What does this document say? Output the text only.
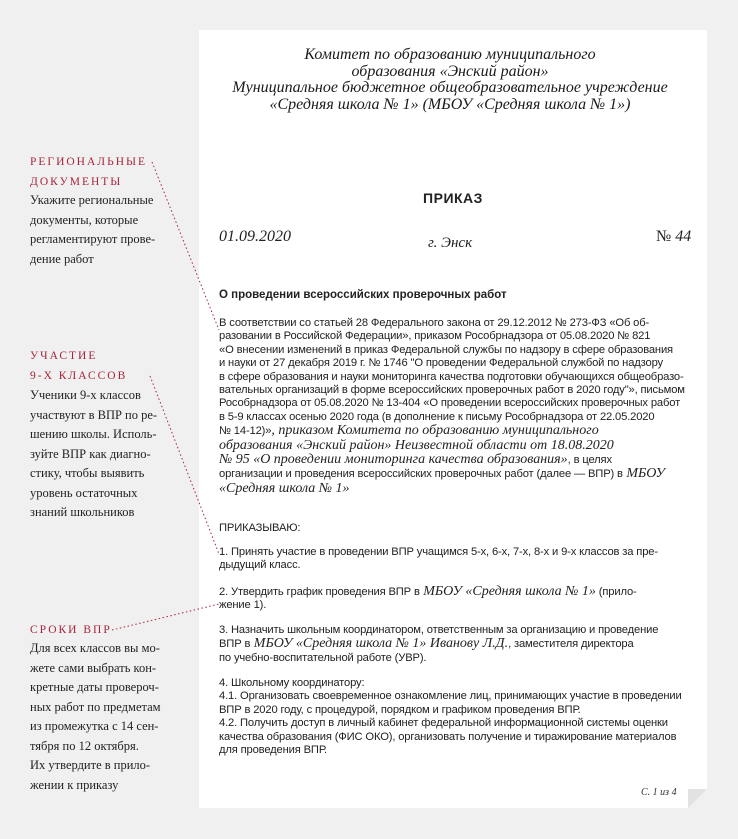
Комитет по образованию муниципального
образования «Энский район»
Муниципальное бюджетное общеобразовательное учреждение
«Средняя школа № 1» (МБОУ «Средняя школа № 1»)
ПРИКАЗ
01.09.2020	г. Энск	№ 44
О проведении всероссийских проверочных работ
В соответствии со статьей 28 Федерального закона от 29.12.2012 № 273-ФЗ «Об об-
разовании в Российской Федерации», приказом Рособрнадзора от 05.08.2020 № 821
«О внесении изменений в приказ Федеральной службы по надзору в сфере образования
и науки от 27 декабря 2019 г. № 1746 "О проведении Федеральной службой по надзору
в сфере образования и науки мониторинга качества подготовки обучающихся общеобразо-
вательных организаций в форме всероссийских проверочных работ в 2020 году"», письмом
Рособрнадзора от 05.08.2020 № 13-404 «О проведении всероссийских проверочных работ
в 5-9 классах осенью 2020 года (в дополнение к письму Рособрнадзора от 22.05.2020
№ 14-12)», приказом Комитета по образованию муниципального
образования «Энский район» Неизвестной области от 18.08.2020
№ 95 «О проведении мониторинга качества образования», в целях
организации и проведения всероссийских проверочных работ (далее — ВПР) в МБОУ
«Средняя школа № 1»
ПРИКАЗЫВАЮ:
1. Принять участие в проведении ВПР учащимся 5-х, 6-х, 7-х, 8-х и 9-х классов за пре-
дыдущий класс.
2. Утвердить график проведения ВПР в МБОУ «Средняя школа № 1» (прило-
жение 1).
3. Назначить школьным координатором, ответственным за организацию и проведение
ВПР в МБОУ «Средняя школа № 1» Иванову Л.Д., заместителя директора
по учебно-воспитательной работе (УВР).
4. Школьному координатору:
4.1. Организовать своевременное ознакомление лиц, принимающих участие в проведении
ВПР в 2020 году, с процедурой, порядком и графиком проведения ВПР.
4.2. Получить доступ в личный кабинет федеральной информационной системы оценки
качества образования (ФИС ОКО), организовать получение и тиражирование материалов
для проведения ВПР.
С. 1 из 4
РЕГИОНАЛЬНЫЕ
ДОКУМЕНТЫ
Укажите региональные
документы, которые
регламентируют прове-
дение работ
УЧАСТИЕ
9-Х КЛАССОВ
Ученики 9-х классов
участвуют в ВПР по ре-
шению школы. Исполь-
зуйте ВПР как диагно-
стику, чтобы выявить
уровень остаточных
знаний школьников
СРОКИ ВПР
Для всех классов вы мо-
жете сами выбрать кон-
кретные даты провероч-
ных работ по предметам
из промежутка с 14 сен-
тября по 12 октября.
Их утвердите в прило-
жении к приказу
